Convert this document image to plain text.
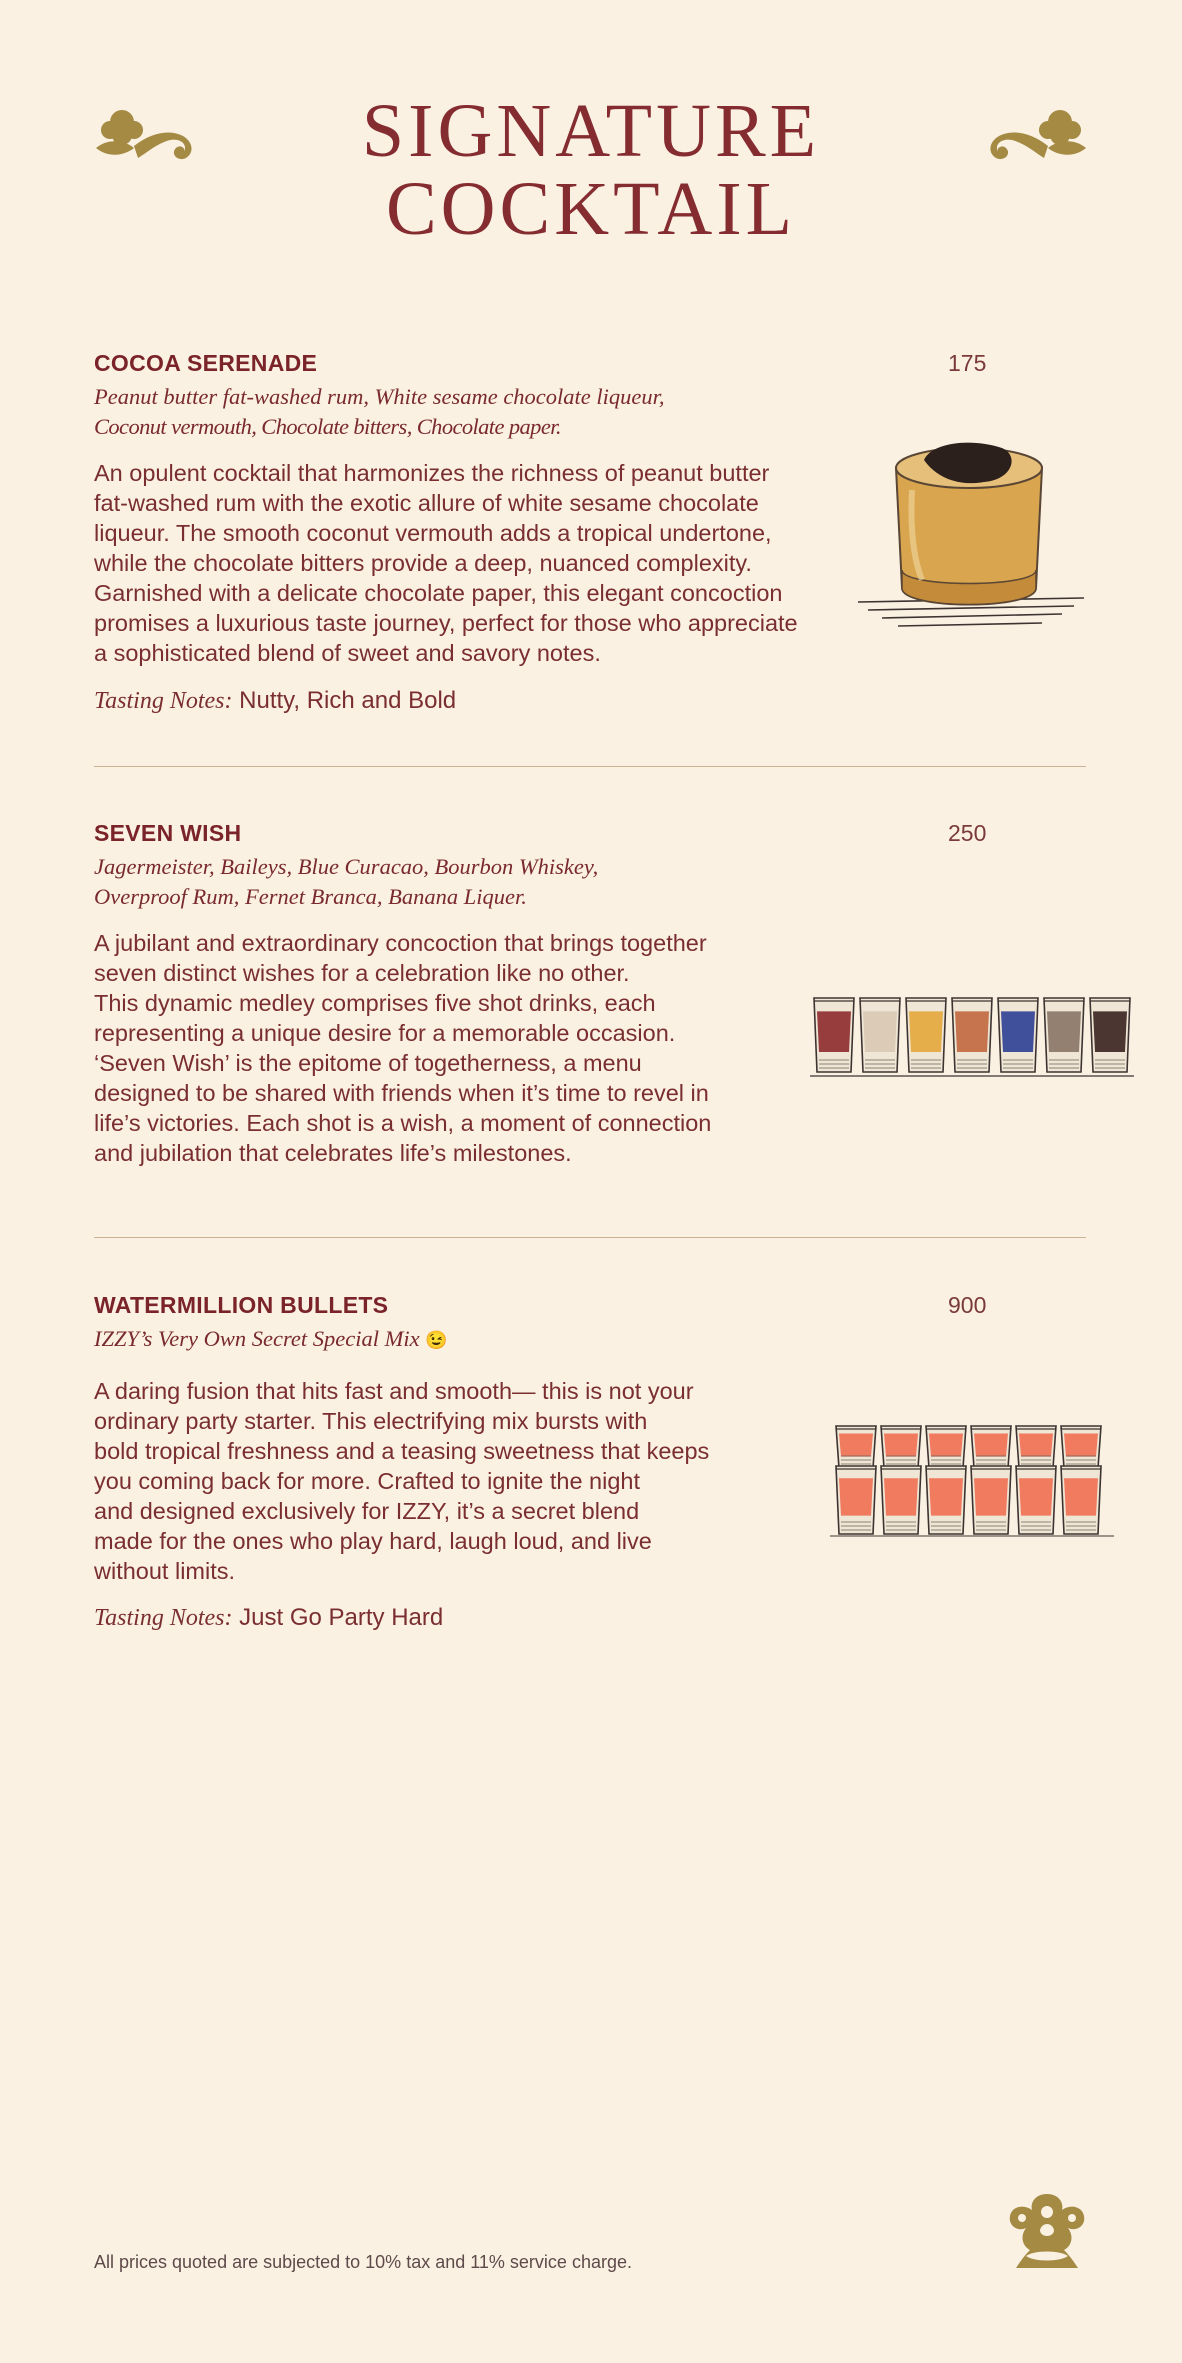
SIGNATURE
COCKTAIL
COCOA SERENADE	175
Peanut butter fat-washed rum, White sesame chocolate liqueur,
Coconut vermouth, Chocolate bitters, Chocolate paper.
An opulent cocktail that harmonizes the richness of peanut butter
fat-washed rum with the exotic allure of white sesame chocolate
liqueur. The smooth coconut vermouth adds a tropical undertone,
while the chocolate bitters provide a deep, nuanced complexity.
Garnished with a delicate chocolate paper, this elegant concoction
promises a luxurious taste journey, perfect for those who appreciate
a sophisticated blend of sweet and savory notes.
Tasting Notes: Nutty, Rich and Bold
SEVEN WISH	250
Jagermeister, Baileys, Blue Curacao, Bourbon Whiskey,
Overproof Rum, Fernet Branca, Banana Liquer.
A jubilant and extraordinary concoction that brings together
seven distinct wishes for a celebration like no other.
This dynamic medley comprises five shot drinks, each
representing a unique desire for a memorable occasion.
‘Seven Wish’ is the epitome of togetherness, a menu
designed to be shared with friends when it’s time to revel in
life’s victories. Each shot is a wish, a moment of connection
and jubilation that celebrates life’s milestones.
WATERMILLION BULLETS	900
IZZY’s Very Own Secret Special Mix 😉
A daring fusion that hits fast and smooth— this is not your
ordinary party starter. This electrifying mix bursts with
bold tropical freshness and a teasing sweetness that keeps
you coming back for more. Crafted to ignite the night
and designed exclusively for IZZY, it’s a secret blend
made for the ones who play hard, laugh loud, and live
without limits.
Tasting Notes: Just Go Party Hard
All prices quoted are subjected to 10% tax and 11% service charge.
